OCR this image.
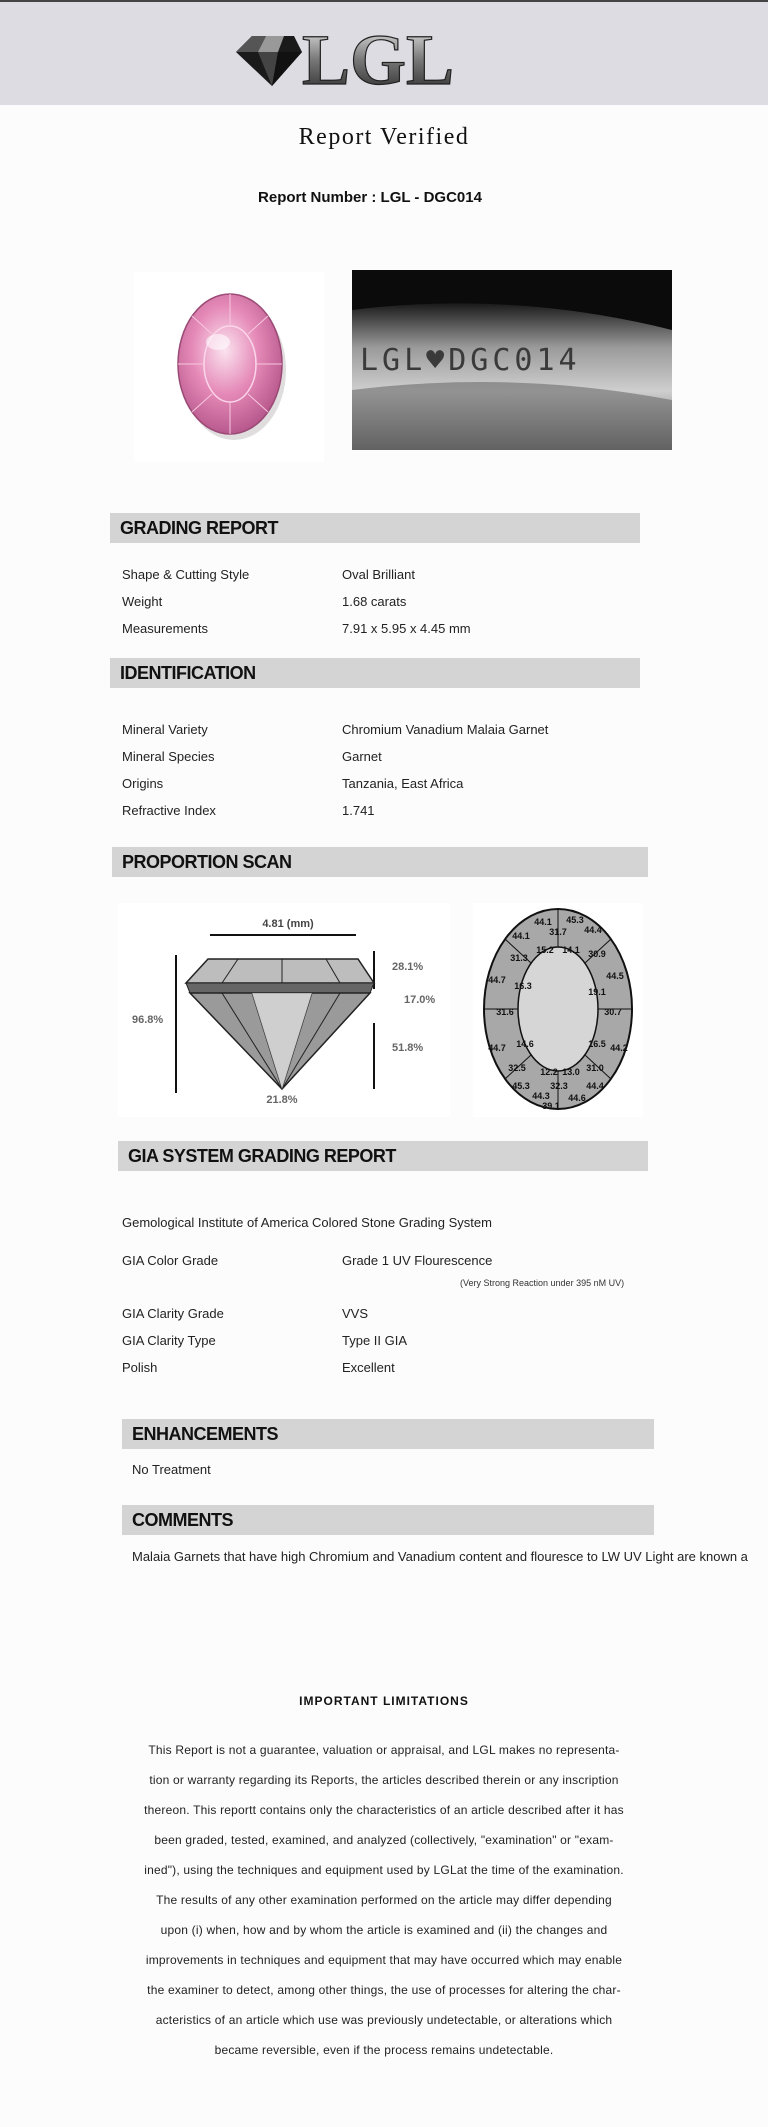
LGL
Report Verified
Report Number : LGL - DGC014
LGL♥DGC014
GRADING REPORT
Shape & Cutting Style	Oval Brilliant
Weight	1.68 carats
Measurements	7.91 x 5.95 x 4.45 mm
IDENTIFICATION
Mineral Variety	Chromium Vanadium Malaia Garnet
Mineral Species	Garnet
Origins	Tanzania, East Africa
Refractive Index	1.741
PROPORTION SCAN
4.81 (mm)
96.8%
28.1%
17.0%
51.8%
21.8%
44.1
31.7
45.3
44.4
44.1
15.2 14.1 30.9
31.3
44.5
44.7
16.3
19.1
31.6	30.7
14.6	16.5
44.7	44.2
32.5 12.2 13.0 31.0
45.3 32.3 44.4
44.3 44.6
39.1
GIA SYSTEM GRADING REPORT
Gemological Institute of America Colored Stone Grading System
GIA Color Grade	Grade 1 UV Flourescence
(Very Strong Reaction under 395 nM UV)
GIA Clarity Grade	VVS
GIA Clarity Type	Type II GIA
Polish	Excellent
ENHANCEMENTS
No Treatment
COMMENTS
Malaia Garnets that have high Chromium and Vanadium content and flouresce to LW UV Light are known a
IMPORTANT LIMITATIONS
This Report is not a guarantee, valuation or appraisal, and LGL makes no representa-
tion or warranty regarding its Reports, the articles described therein or any inscription
thereon. This reportt contains only the characteristics of an article described after it has
been graded, tested, examined, and analyzed (collectively, "examination" or "exam-
ined"), using the techniques and equipment used by LGLat the time of the examination.
The results of any other examination performed on the article may differ depending
upon (i) when, how and by whom the article is examined and (ii) the changes and
improvements in techniques and equipment that may have occurred which may enable
the examiner to detect, among other things, the use of processes for altering the char-
acteristics of an article which use was previously undetectable, or alterations which
became reversible, even if the process remains undetectable.
